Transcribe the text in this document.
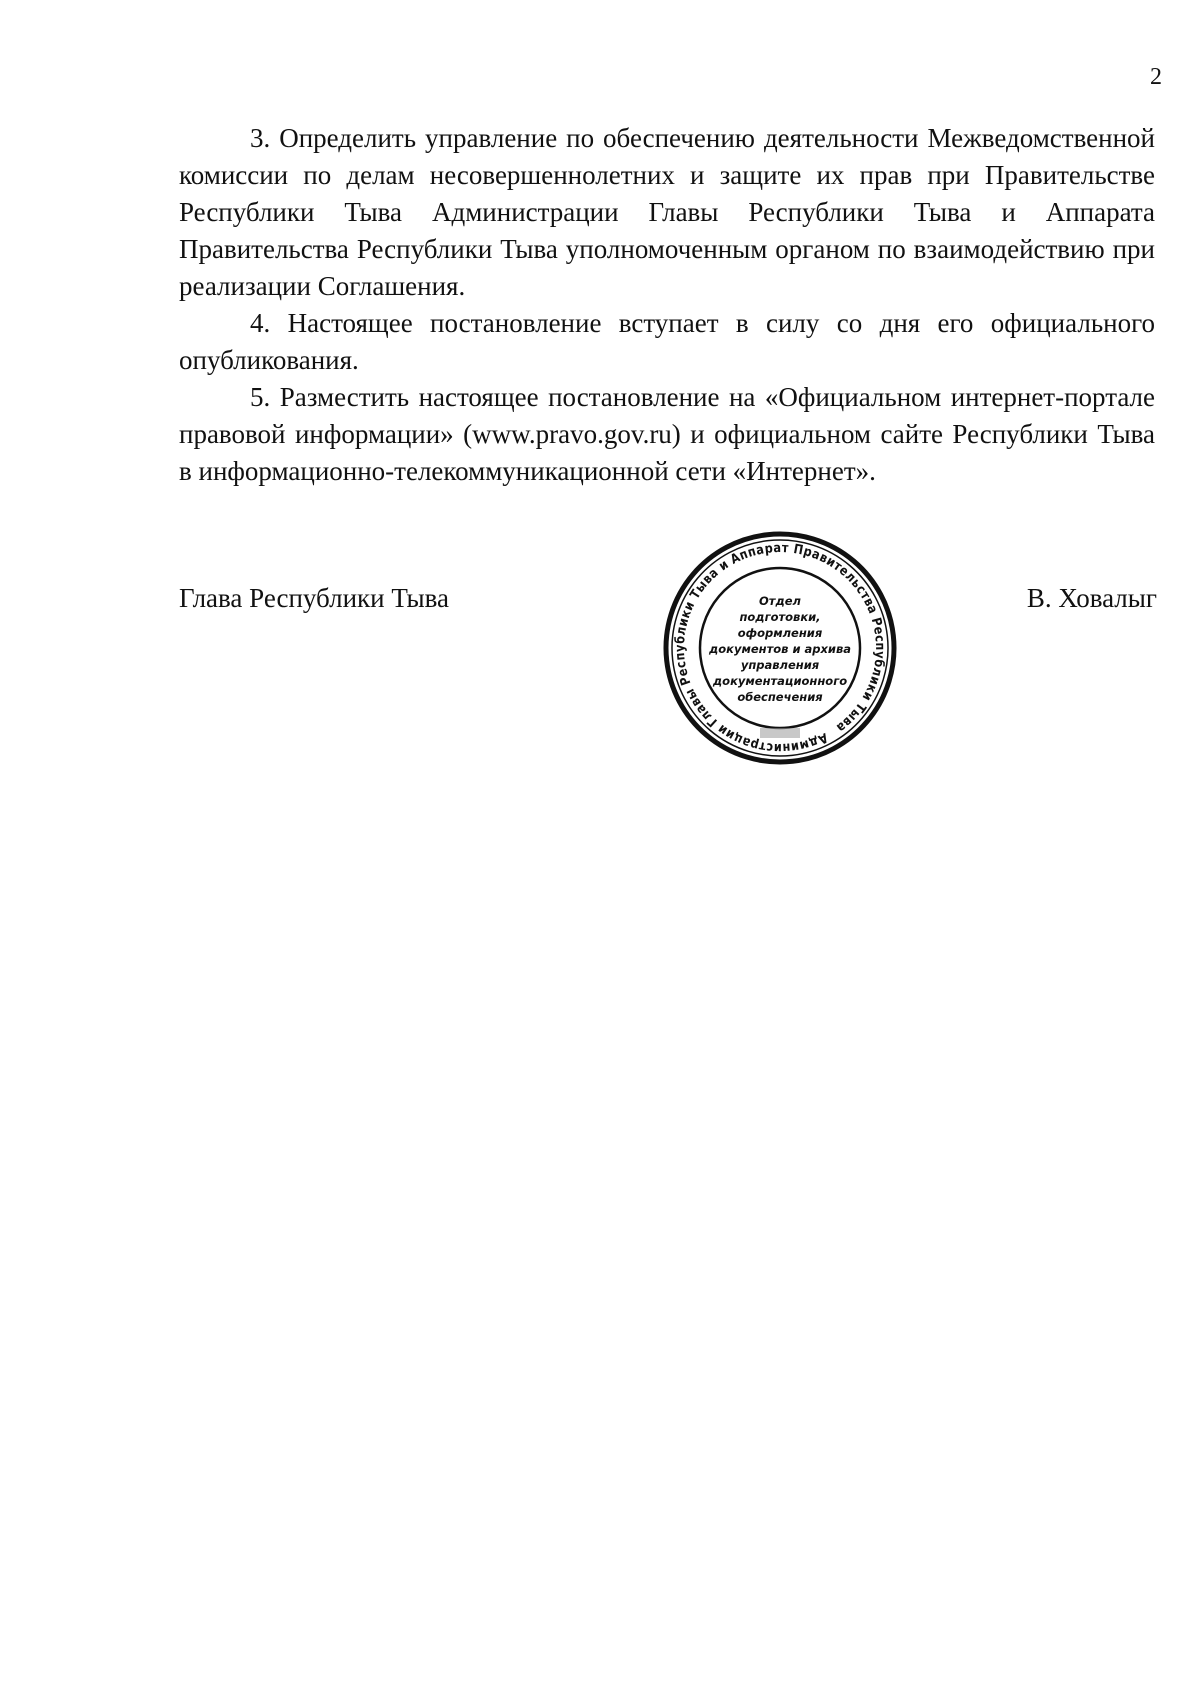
2

3. Определить управление по обеспечению деятельности Межведомственной комиссии по делам несовершеннолетних и защите их прав при Правительстве Республики Тыва Администрации Главы Республики Тыва и Аппарата Правительства Республики Тыва уполномоченным органом по взаимодействию при реализации Соглашения.

4. Настоящее постановление вступает в силу со дня его официального опубликования.

5. Разместить настоящее постановление на «Официальном интернет-портале правовой информации» (www.pravo.gov.ru) и официальном сайте Республики Тыва в информационно-телекоммуникационной сети «Интернет».

Глава Республики Тыва
Администрации Главы Республики Тыва и Аппарат Правительства Республики Тыва
Отдел
подготовки,
оформления
документов и архива
управления
документационного
обеспечения
В. Ховалыг
